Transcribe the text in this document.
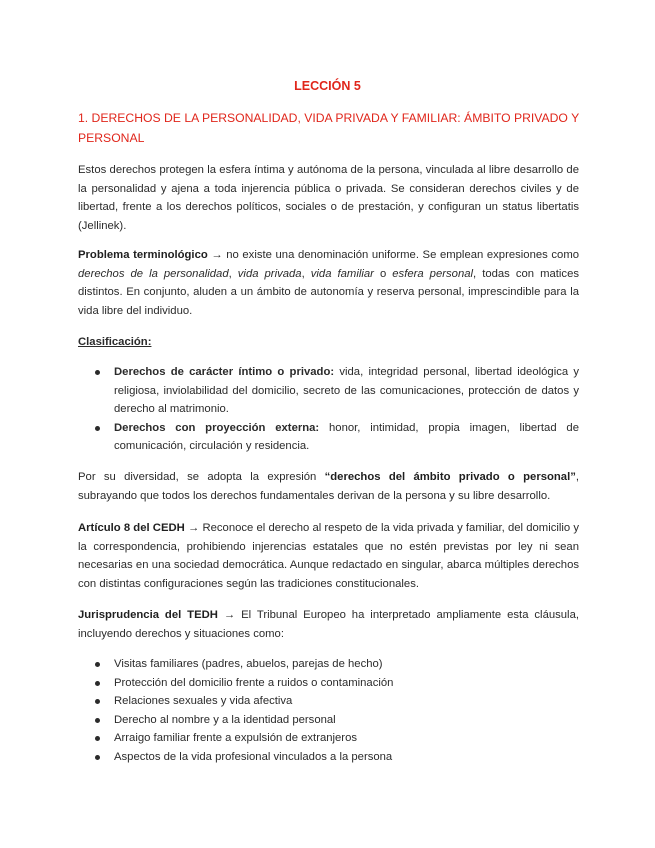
LECCIÓN 5
1. DERECHOS DE LA PERSONALIDAD, VIDA PRIVADA Y FAMILIAR: ÁMBITO PRIVADO Y PERSONAL

Estos derechos protegen la esfera íntima y autónoma de la persona, vinculada al libre desarrollo de la personalidad y ajena a toda injerencia pública o privada. Se consideran derechos civiles y de libertad, frente a los derechos políticos, sociales o de prestación, y configuran un status libertatis (Jellinek).

Problema terminológico → no existe una denominación uniforme. Se emplean expresiones como derechos de la personalidad, vida privada, vida familiar o esfera personal, todas con matices distintos. En conjunto, aluden a un ámbito de autonomía y reserva personal, imprescindible para la vida libre del individuo.

Clasificación:

Derechos de carácter íntimo o privado: vida, integridad personal, libertad ideológica y religiosa, inviolabilidad del domicilio, secreto de las comunicaciones, protección de datos y derecho al matrimonio.
Derechos con proyección externa: honor, intimidad, propia imagen, libertad de comunicación, circulación y residencia.

Por su diversidad, se adopta la expresión “derechos del ámbito privado o personal”, subrayando que todos los derechos fundamentales derivan de la persona y su libre desarrollo.

Artículo 8 del CEDH → Reconoce el derecho al respeto de la vida privada y familiar, del domicilio y la correspondencia, prohibiendo injerencias estatales que no estén previstas por ley ni sean necesarias en una sociedad democrática. Aunque redactado en singular, abarca múltiples derechos con distintas configuraciones según las tradiciones constitucionales.

Jurisprudencia del TEDH → El Tribunal Europeo ha interpretado ampliamente esta cláusula, incluyendo derechos y situaciones como:

Visitas familiares (padres, abuelos, parejas de hecho)
Protección del domicilio frente a ruidos o contaminación
Relaciones sexuales y vida afectiva
Derecho al nombre y a la identidad personal
Arraigo familiar frente a expulsión de extranjeros
Aspectos de la vida profesional vinculados a la persona
